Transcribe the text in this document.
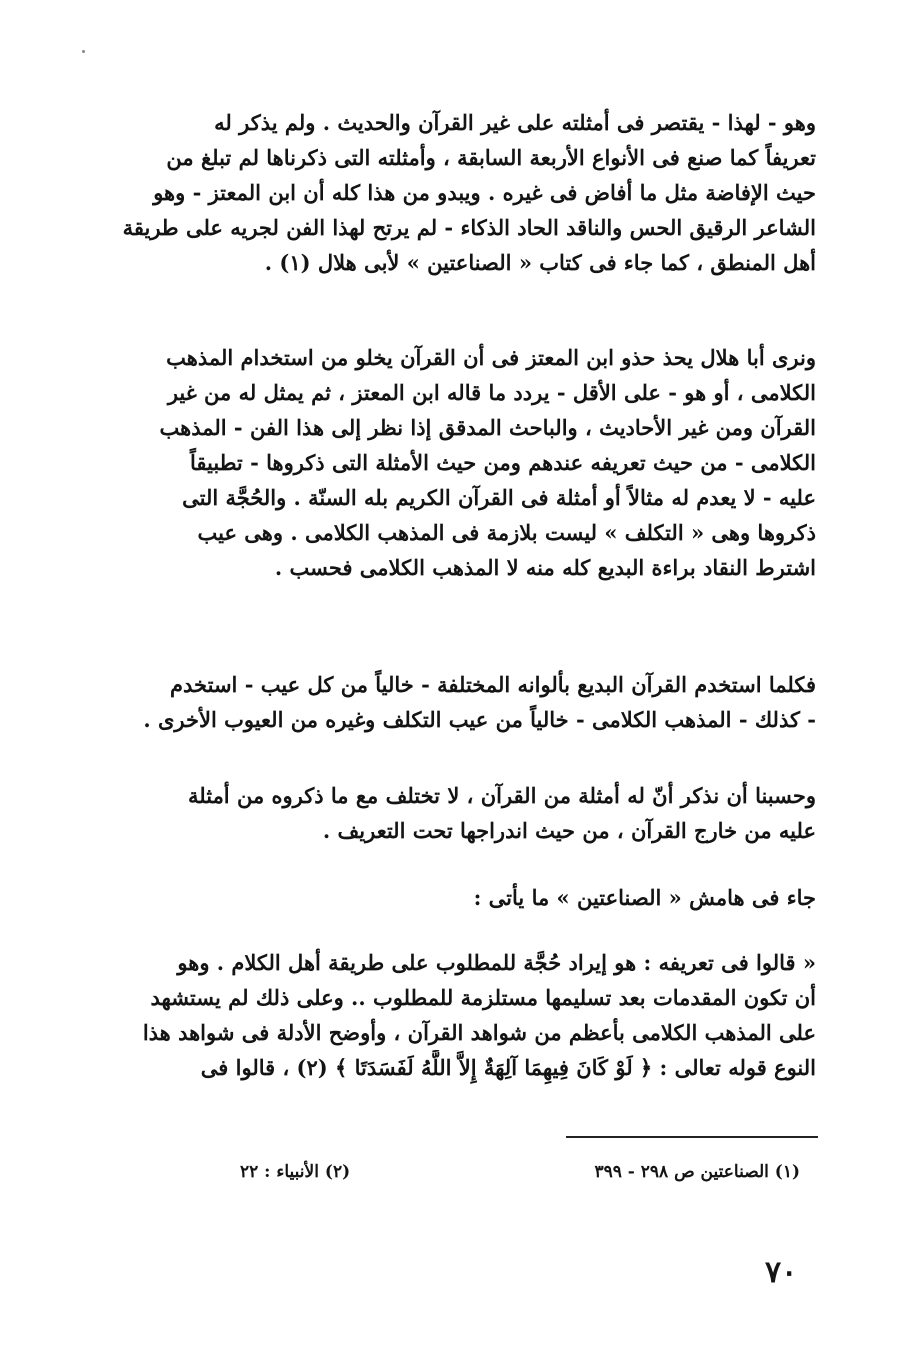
وهو - لهذا - يقتصر فى أمثلته على غير القرآن والحديث . ولم يذكر له
تعريفاً كما صنع فى الأنواع الأربعة السابقة ، وأمثلته التى ذكرناها لم تبلغ من
حيث الإفاضة مثل ما أفاض فى غيره . ويبدو من هذا كله أن ابن المعتز - وهو
الشاعر الرقيق الحس والناقد الحاد الذكاء - لم يرتح لهذا الفن لجريه على طريقة
أهل المنطق ، كما جاء فى كتاب « الصناعتين » لأبى هلال (١) .
ونرى أبا هلال يحذ حذو ابن المعتز فى أن القرآن يخلو من استخدام المذهب
الكلامى ، أو هو - على الأقل - يردد ما قاله ابن المعتز ، ثم يمثل له من غير
القرآن ومن غير الأحاديث ، والباحث المدقق إذا نظر إلى هذا الفن - المذهب
الكلامى - من حيث تعريفه عندهم ومن حيث الأمثلة التى ذكروها - تطبيقاً
عليه - لا يعدم له مثالاً أو أمثلة فى القرآن الكريم بله السنّة . والحُجَّة التى
ذكروها وهى « التكلف » ليست بلازمة فى المذهب الكلامى . وهى عيب
اشترط النقاد براءة البديع كله منه لا المذهب الكلامى فحسب .
فكلما استخدم القرآن البديع بألوانه المختلفة - خالياً من كل عيب - استخدم
- كذلك - المذهب الكلامى - خالياً من عيب التكلف وغيره من العيوب الأخرى .
وحسبنا أن نذكر أنّ له أمثلة من القرآن ، لا تختلف مع ما ذكروه من أمثلة
عليه من خارج القرآن ، من حيث اندراجها تحت التعريف .
جاء فى هامش « الصناعتين » ما يأتى :
« قالوا فى تعريفه : هو إيراد حُجَّة للمطلوب على طريقة أهل الكلام . وهو
أن تكون المقدمات بعد تسليمها مستلزمة للمطلوب .. وعلى ذلك لم يستشهد
على المذهب الكلامى بأعظم من شواهد القرآن ، وأوضح الأدلة فى شواهد هذا
النوع قوله تعالى : ﴿ لَوْ كَانَ فِيهِمَا آلِهَةٌ إِلاَّ اللَّهُ لَفَسَدَتَا ﴾ (٢) ، قالوا فى
(١) الصناعتين ص ٢٩٨ - ٣٩٩
(٢) الأنبياء : ٢٢
٧٠
